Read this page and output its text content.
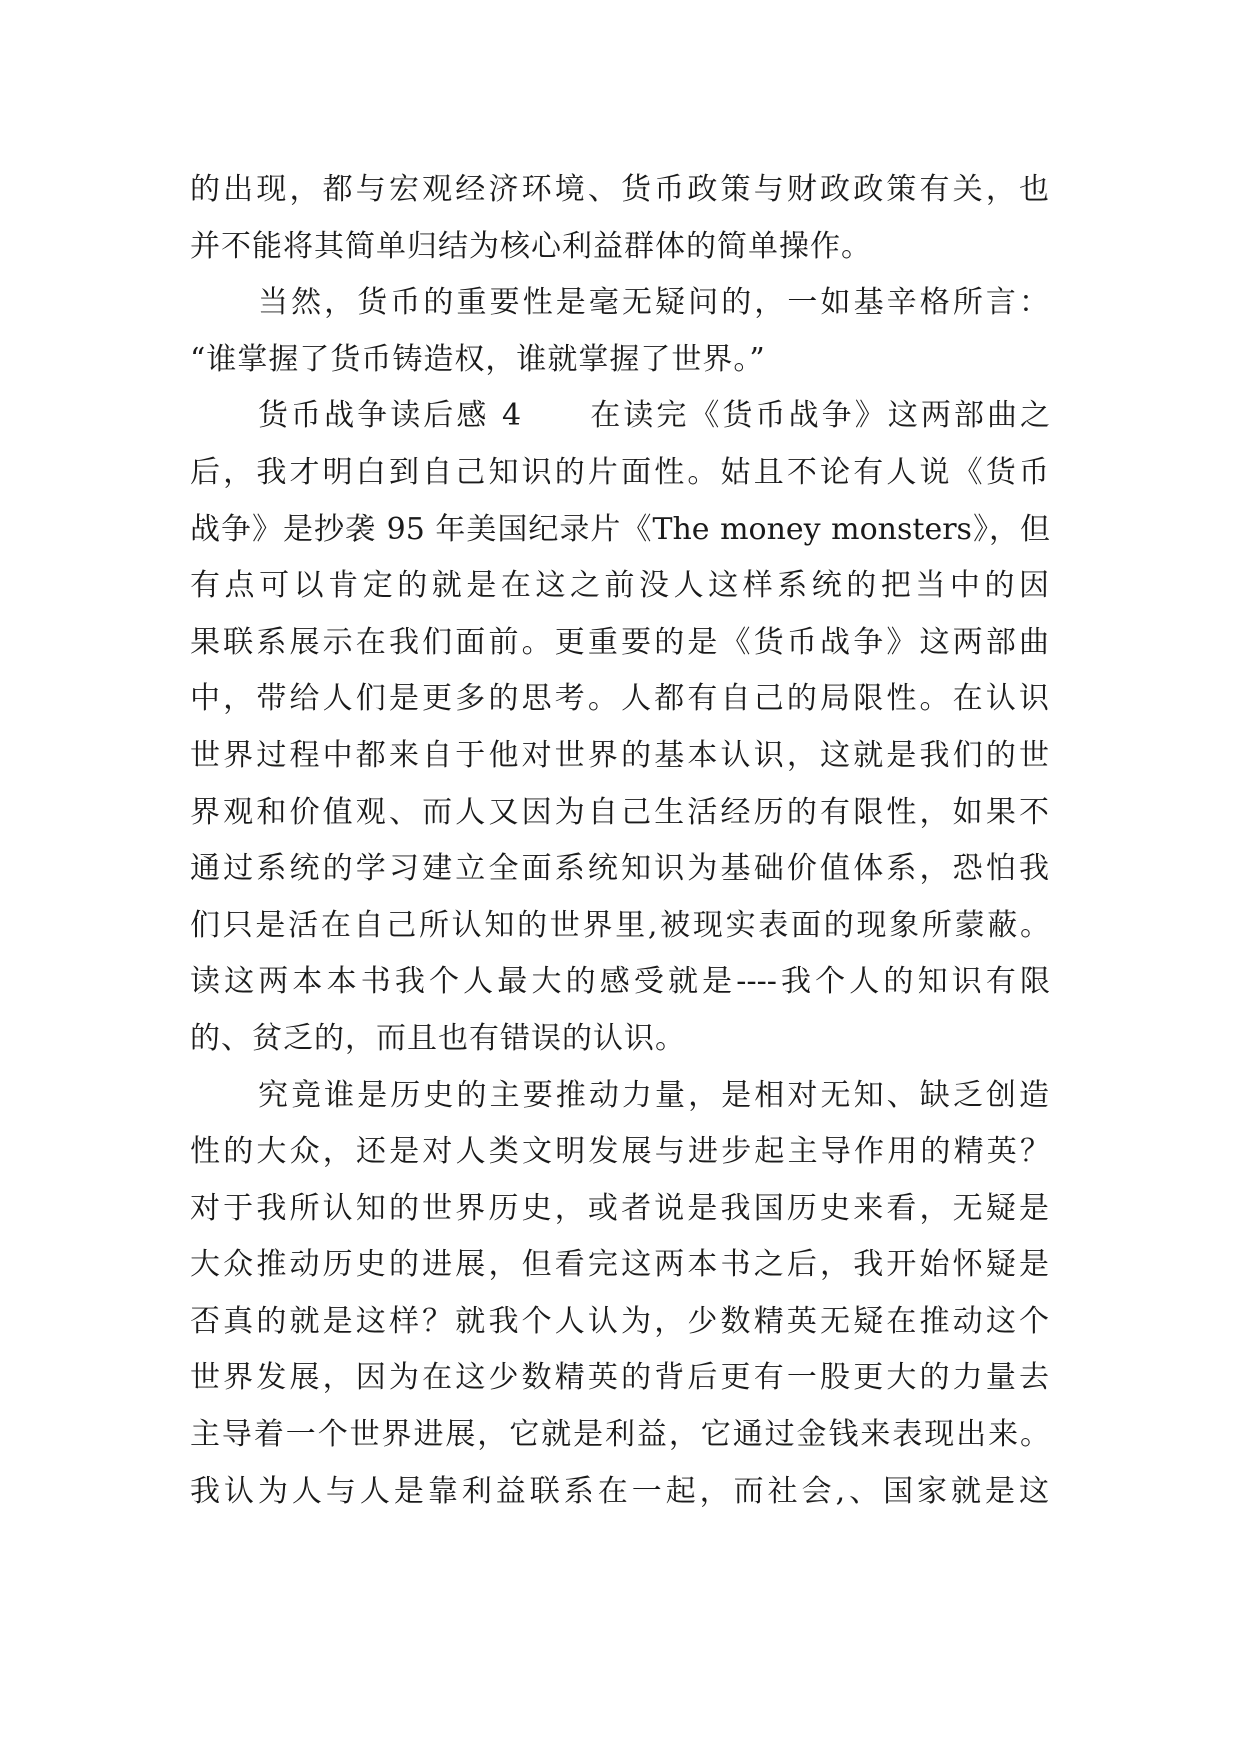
的出现，都与宏观经济环境、货币政策与财政政策有关，也
并不能将其简单归结为核心利益群体的简单操作。
当然，货币的重要性是毫无疑问的，一如基辛格所言：
“谁掌握了货币铸造权，谁就掌握了世界。”
货币战争读后感 4　　在读完《货币战争》这两部曲之
后，我才明白到自己知识的片面性。姑且不论有人说《货币
战争》是抄袭 95 年美国纪录片《The money monsters》，但
有点可以肯定的就是在这之前没人这样系统的把当中的因
果联系展示在我们面前。更重要的是《货币战争》这两部曲
中，带给人们是更多的思考。人都有自己的局限性。在认识
世界过程中都来自于他对世界的基本认识，这就是我们的世
界观和价值观、而人又因为自己生活经历的有限性，如果不
通过系统的学习建立全面系统知识为基础价值体系，恐怕我
们只是活在自己所认知的世界里,被现实表面的现象所蒙蔽。
读这两本本书我个人最大的感受就是----我个人的知识有限
的、贫乏的，而且也有错误的认识。
究竟谁是历史的主要推动力量，是相对无知、缺乏创造
性的大众，还是对人类文明发展与进步起主导作用的精英？
对于我所认知的世界历史，或者说是我国历史来看，无疑是
大众推动历史的进展，但看完这两本书之后，我开始怀疑是
否真的就是这样？就我个人认为，少数精英无疑在推动这个
世界发展，因为在这少数精英的背后更有一股更大的力量去
主导着一个世界进展，它就是利益，它通过金钱来表现出来。
我认为人与人是靠利益联系在一起，而社会,、国家就是这
